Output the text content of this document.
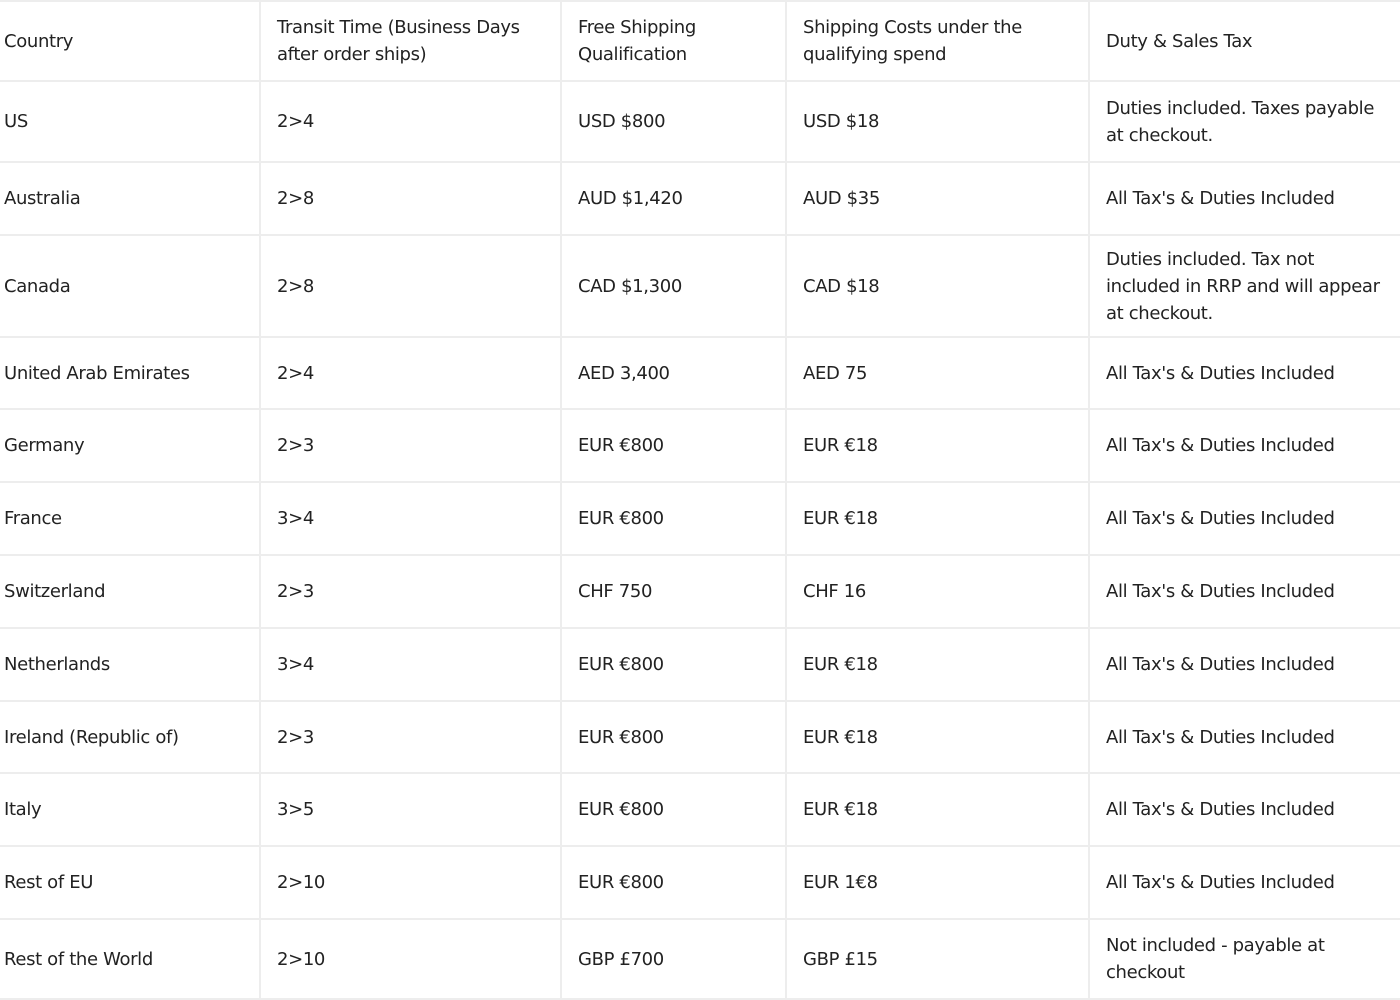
Country	Transit Time (Business Days after order ships)	Free Shipping Qualification	Shipping Costs under the qualifying spend	Duty & Sales Tax
US	2>4	USD $800	USD $18	Duties included. Taxes payable at checkout.
Australia	2>8	AUD $1,420	AUD $35	All Tax's & Duties Included
Canada	2>8	CAD $1,300	CAD $18	Duties included. Tax not included in RRP and will appear at checkout.
United Arab Emirates	2>4	AED 3,400	AED 75	All Tax's & Duties Included
Germany	2>3	EUR €800	EUR €18	All Tax's & Duties Included
France	3>4	EUR €800	EUR €18	All Tax's & Duties Included
Switzerland	2>3	CHF 750	CHF 16	All Tax's & Duties Included
Netherlands	3>4	EUR €800	EUR €18	All Tax's & Duties Included
Ireland (Republic of)	2>3	EUR €800	EUR €18	All Tax's & Duties Included
Italy	3>5	EUR €800	EUR €18	All Tax's & Duties Included
Rest of EU	2>10	EUR €800	EUR 1€8	All Tax's & Duties Included
Rest of the World	2>10	GBP £700	GBP £15	Not included - payable at checkout
